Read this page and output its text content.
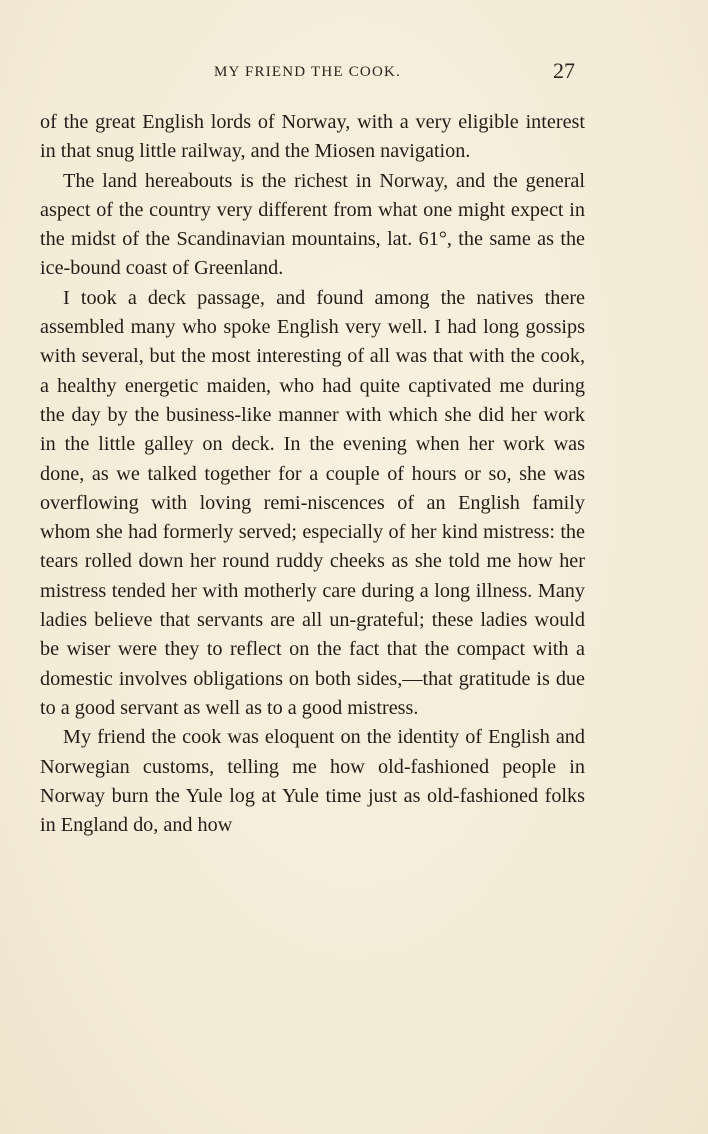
MY FRIEND THE COOK.	27

of the great English lords of Norway, with a very eligible interest in that snug little railway, and the Miosen navigation.

The land hereabouts is the richest in Norway, and the general aspect of the country very different from what one might expect in the midst of the Scandinavian mountains, lat. 61°, the same as the ice-bound coast of Greenland.

I took a deck passage, and found among the natives there assembled many who spoke English very well. I had long gossips with several, but the most interesting of all was that with the cook, a healthy energetic maiden, who had quite captivated me during the day by the business-like manner with which she did her work in the little galley on deck. In the evening when her work was done, as we talked together for a couple of hours or so, she was overflowing with loving remi-niscences of an English family whom she had formerly served; especially of her kind mistress: the tears rolled down her round ruddy cheeks as she told me how her mistress tended her with motherly care during a long illness. Many ladies believe that servants are all un-grateful; these ladies would be wiser were they to reflect on the fact that the compact with a domestic involves obligations on both sides,—that gratitude is due to a good servant as well as to a good mistress.

My friend the cook was eloquent on the identity of English and Norwegian customs, telling me how old-fashioned people in Norway burn the Yule log at Yule time just as old-fashioned folks in England do, and how
